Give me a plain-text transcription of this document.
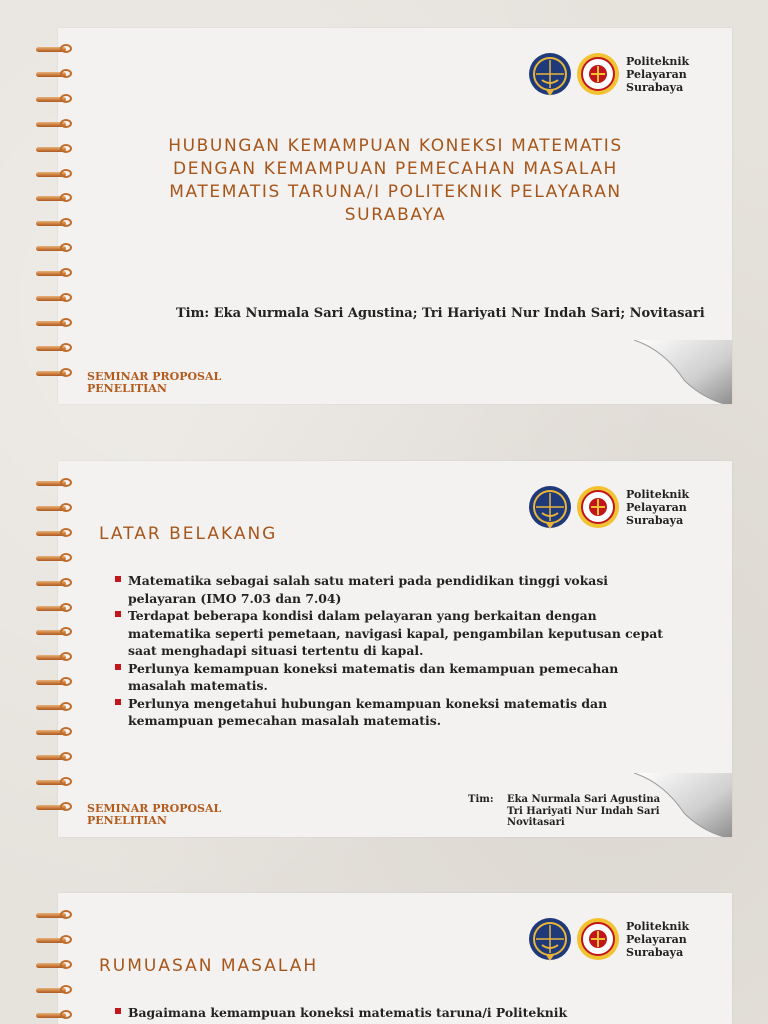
Politeknik
Pelayaran
Surabaya
HUBUNGAN KEMAMPUAN KONEKSI MATEMATIS
DENGAN KEMAMPUAN PEMECAHAN MASALAH
MATEMATIS TARUNA/I POLITEKNIK PELAYARAN
SURABAYA
Tim: Eka Nurmala Sari Agustina; Tri Hariyati Nur Indah Sari; Novitasari
SEMINAR PROPOSAL
PENELITIAN
Politeknik
Pelayaran
Surabaya
LATAR BELAKANG
Matematika sebagai salah satu materi pada pendidikan tinggi vokasi pelayaran (IMO 7.03 dan 7.04)
Terdapat beberapa kondisi dalam pelayaran yang berkaitan dengan matematika seperti pemetaan, navigasi kapal, pengambilan keputusan cepat saat menghadapi situasi tertentu di kapal.
Perlunya kemampuan koneksi matematis dan kemampuan pemecahan masalah matematis.
Perlunya mengetahui hubungan kemampuan koneksi matematis dan kemampuan pemecahan masalah matematis.
Tim:	Eka Nurmala Sari Agustina
Tri Hariyati Nur Indah Sari
Novitasari
SEMINAR PROPOSAL
PENELITIAN
Politeknik
Pelayaran
Surabaya
RUMUASAN MASALAH
Bagaimana kemampuan koneksi matematis taruna/i Politeknik
